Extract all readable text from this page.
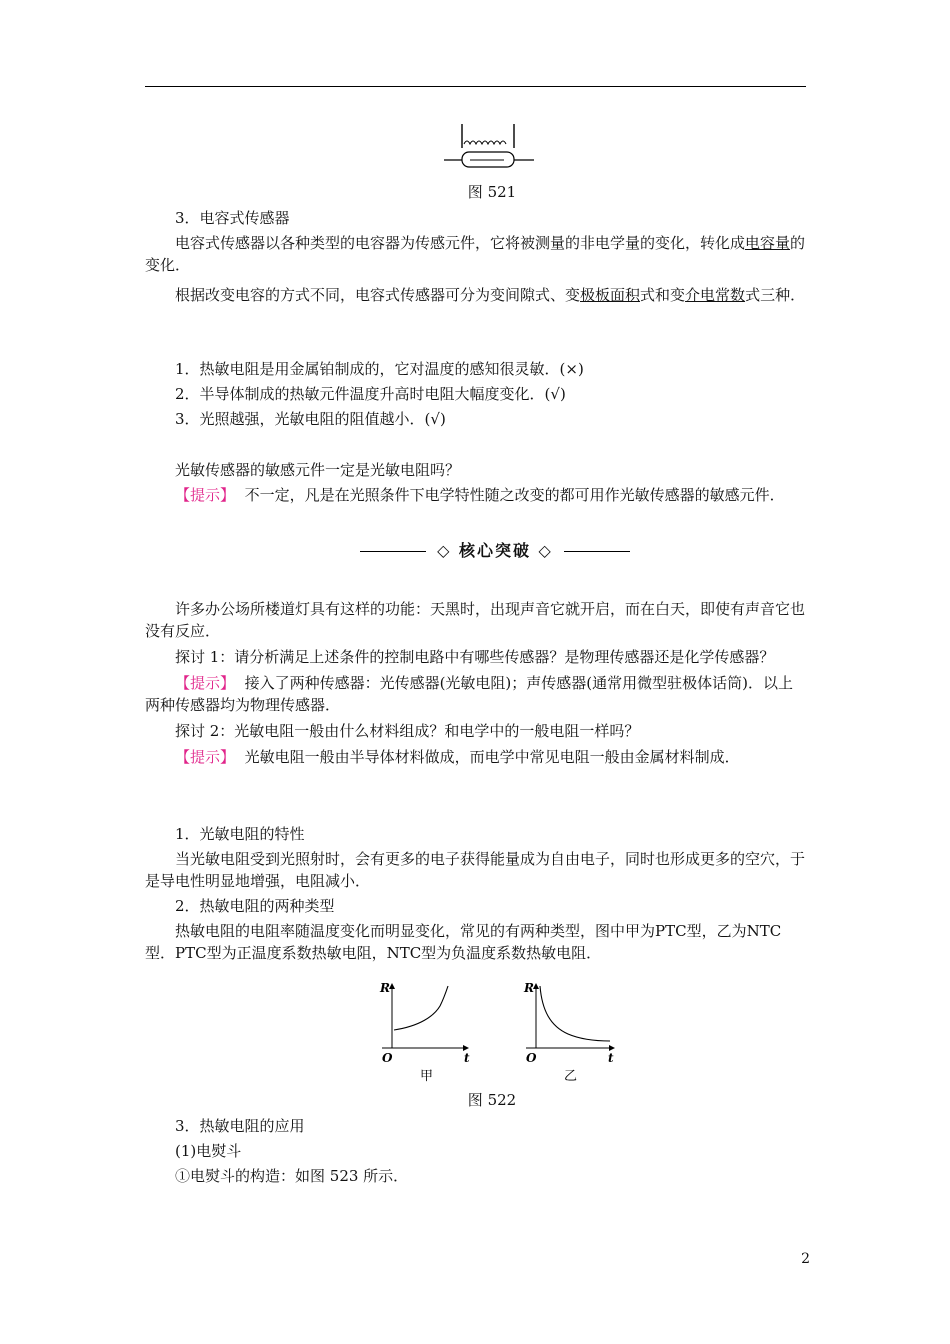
图 521

3．电容式传感器

电容式传感器以各种类型的电容器为传感元件，它将被测量的非电学量的变化，转化成电容量的变化．

根据改变电容的方式不同，电容式传感器可分为变间隙式、变极板面积式和变介电常数式三种．

1．热敏电阻是用金属铂制成的，它对温度的感知很灵敏．(×)

2．半导体制成的热敏元件温度升高时电阻大幅度变化．(√)

3．光照越强，光敏电阻的阻值越小．(√)

光敏传感器的敏感元件一定是光敏电阻吗？

【提示】 不一定，凡是在光照条件下电学特性随之改变的都可用作光敏传感器的敏感元件．

◇ 核心突破 ◇

许多办公场所楼道灯具有这样的功能：天黑时，出现声音它就开启，而在白天，即使有声音它也没有反应．

探讨 1：请分析满足上述条件的控制电路中有哪些传感器？是物理传感器还是化学传感器？

【提示】 接入了两种传感器：光传感器(光敏电阻)；声传感器(通常用微型驻极体话筒)．以上两种传感器均为物理传感器．

探讨 2：光敏电阻一般由什么材料组成？和电学中的一般电阻一样吗？

【提示】 光敏电阻一般由半导体材料做成，而电学中常见电阻一般由金属材料制成．

1．光敏电阻的特性

当光敏电阻受到光照射时，会有更多的电子获得能量成为自由电子，同时也形成更多的空穴，于是导电性明显地增强，电阻减小．

2．热敏电阻的两种类型

热敏电阻的电阻率随温度变化而明显变化，常见的有两种类型，图中甲为PTC型，乙为NTC型．PTC型为正温度系数热敏电阻，NTC型为负温度系数热敏电阻．

R
O	t
甲
R
O	t
乙
图 522

3．热敏电阻的应用

(1)电熨斗

①电熨斗的构造：如图 523 所示．

2
